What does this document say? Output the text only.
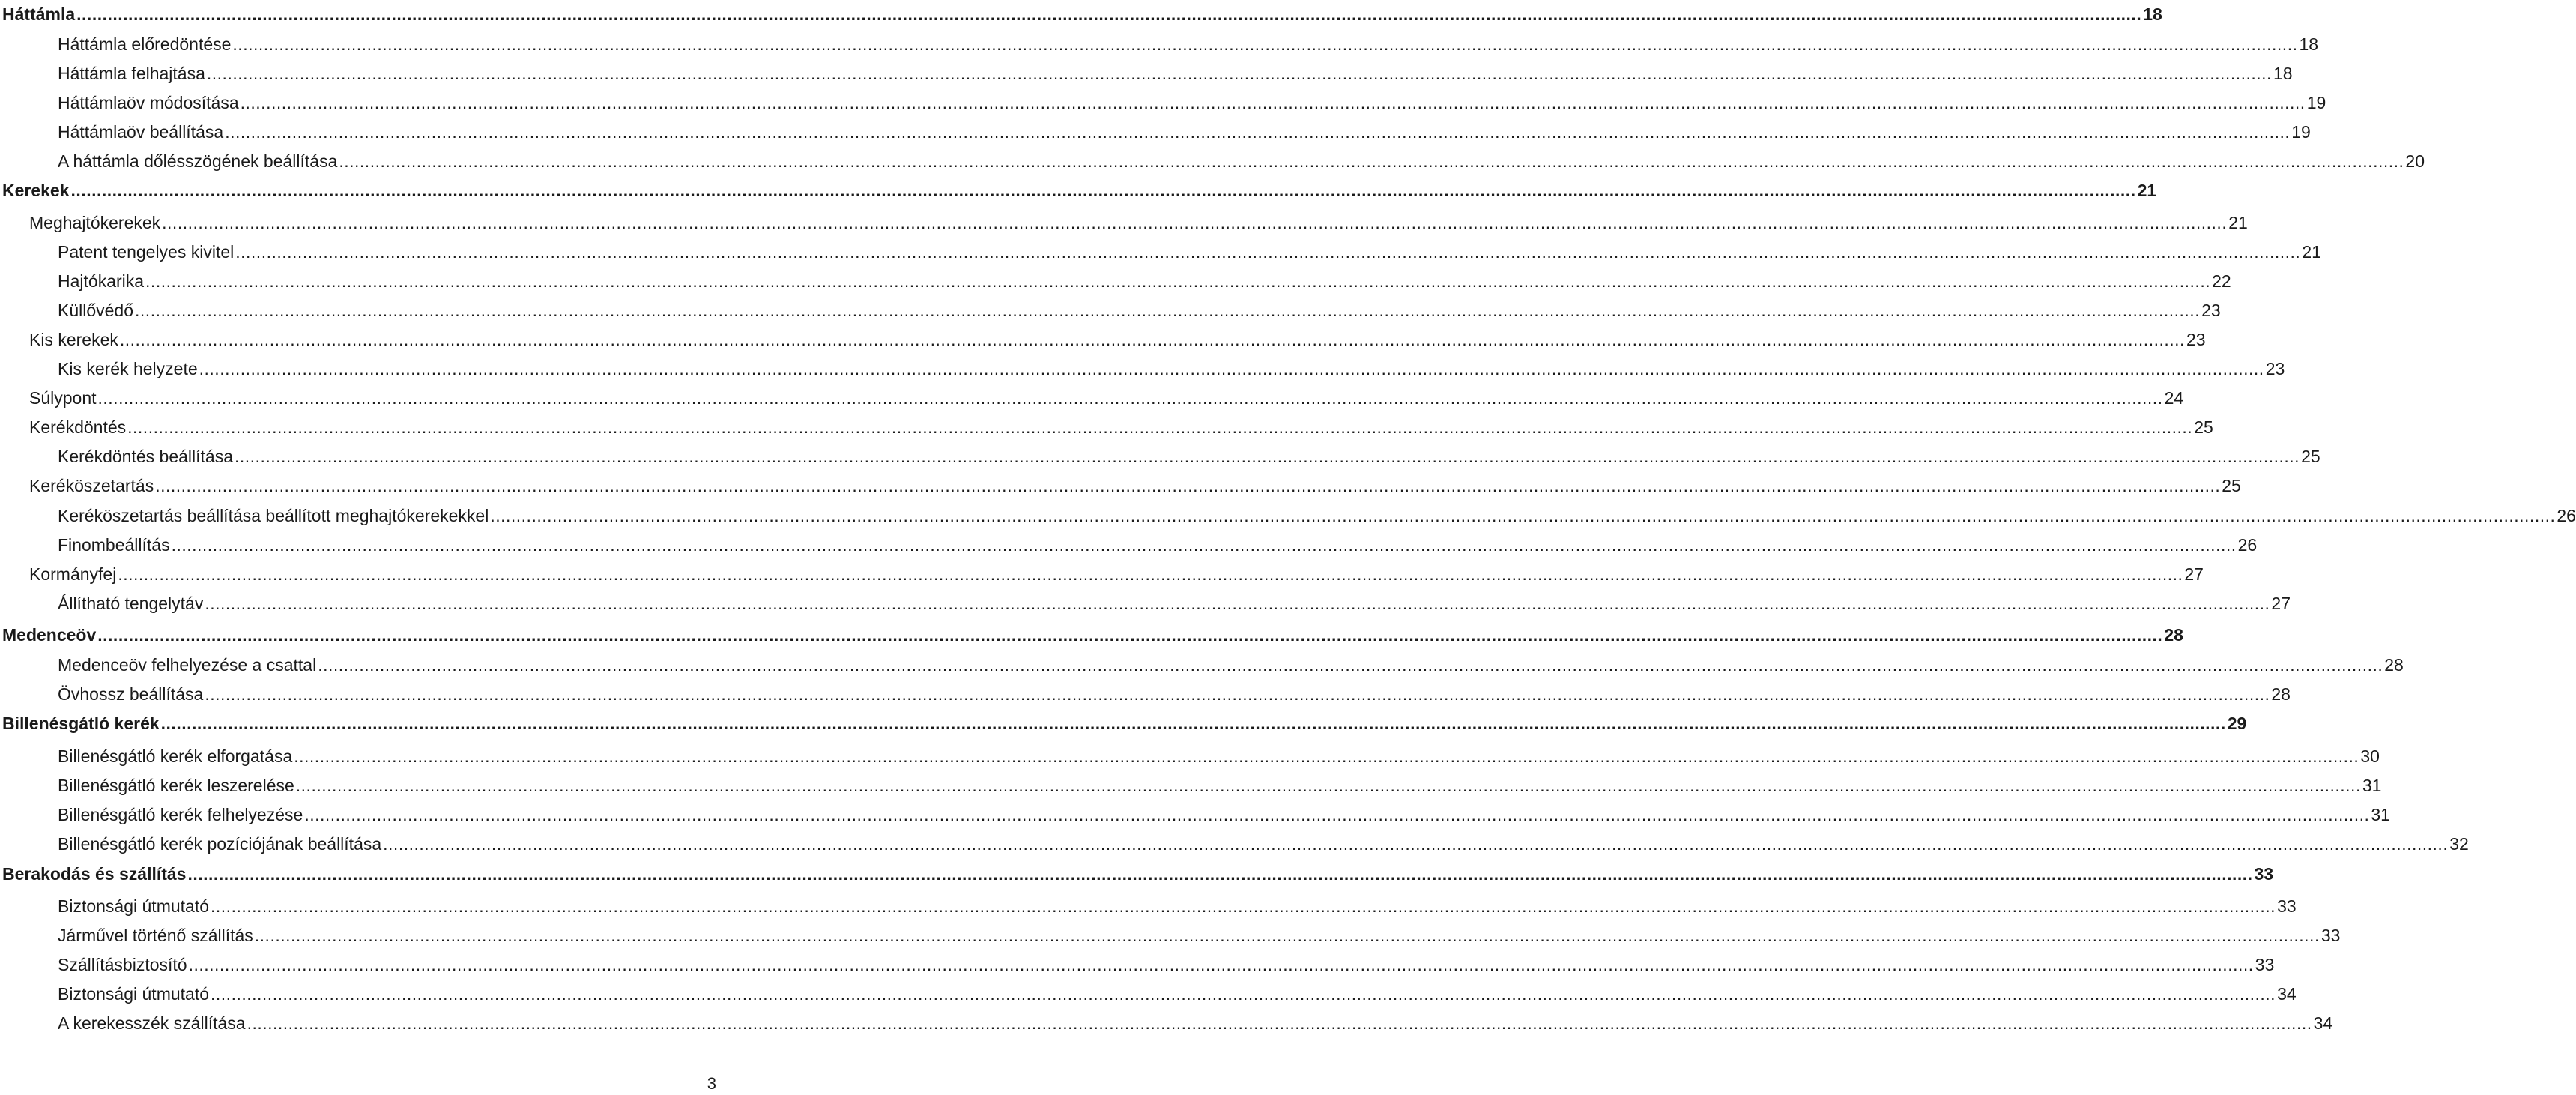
Háttámla ................................................................................................................................................................................................................................................................................................................................................................................................................ 18
Háttámla előredöntése ................................................................................................................................................................................................................................................................................................................................................................................................................ 18
Háttámla felhajtása ................................................................................................................................................................................................................................................................................................................................................................................................................ 18
Háttámlaöv módosítása ................................................................................................................................................................................................................................................................................................................................................................................................................ 19
Háttámlaöv beállítása ................................................................................................................................................................................................................................................................................................................................................................................................................ 19
A háttámla dőlésszögének beállítása ................................................................................................................................................................................................................................................................................................................................................................................................................ 20
Kerekek ................................................................................................................................................................................................................................................................................................................................................................................................................ 21
Meghajtókerekek ................................................................................................................................................................................................................................................................................................................................................................................................................ 21
Patent tengelyes kivitel ................................................................................................................................................................................................................................................................................................................................................................................................................ 21
Hajtókarika ................................................................................................................................................................................................................................................................................................................................................................................................................ 22
Küllővédő ................................................................................................................................................................................................................................................................................................................................................................................................................ 23
Kis kerekek ................................................................................................................................................................................................................................................................................................................................................................................................................ 23
Kis kerék helyzete ................................................................................................................................................................................................................................................................................................................................................................................................................ 23
Súlypont ................................................................................................................................................................................................................................................................................................................................................................................................................ 24
Kerékdöntés ................................................................................................................................................................................................................................................................................................................................................................................................................ 25
Kerékdöntés beállítása ................................................................................................................................................................................................................................................................................................................................................................................................................ 25
Keréköszetartás ................................................................................................................................................................................................................................................................................................................................................................................................................ 25
Keréköszetartás beállítása beállított meghajtókerekekkel ................................................................................................................................................................................................................................................................................................................................................................................................................ 26
Finombeállítás ................................................................................................................................................................................................................................................................................................................................................................................................................ 26
Kormányfej ................................................................................................................................................................................................................................................................................................................................................................................................................ 27
Állítható tengelytáv ................................................................................................................................................................................................................................................................................................................................................................................................................ 27
Medenceöv ................................................................................................................................................................................................................................................................................................................................................................................................................ 28
Medenceöv felhelyezése a csattal ................................................................................................................................................................................................................................................................................................................................................................................................................ 28
Övhossz beállítása ................................................................................................................................................................................................................................................................................................................................................................................................................ 28
Billenésgátló kerék ................................................................................................................................................................................................................................................................................................................................................................................................................ 29
Billenésgátló kerék elforgatása ................................................................................................................................................................................................................................................................................................................................................................................................................ 30
Billenésgátló kerék leszerelése ................................................................................................................................................................................................................................................................................................................................................................................................................ 31
Billenésgátló kerék felhelyezése ................................................................................................................................................................................................................................................................................................................................................................................................................ 31
Billenésgátló kerék pozíciójának beállítása ................................................................................................................................................................................................................................................................................................................................................................................................................ 32
Berakodás és szállítás ................................................................................................................................................................................................................................................................................................................................................................................................................ 33
Biztonsági útmutató ................................................................................................................................................................................................................................................................................................................................................................................................................ 33
Járművel történő szállítás ................................................................................................................................................................................................................................................................................................................................................................................................................ 33
Szállításbiztosító ................................................................................................................................................................................................................................................................................................................................................................................................................ 33
Biztonsági útmutató ................................................................................................................................................................................................................................................................................................................................................................................................................ 34
A kerekesszék szállítása ................................................................................................................................................................................................................................................................................................................................................................................................................ 34
3
